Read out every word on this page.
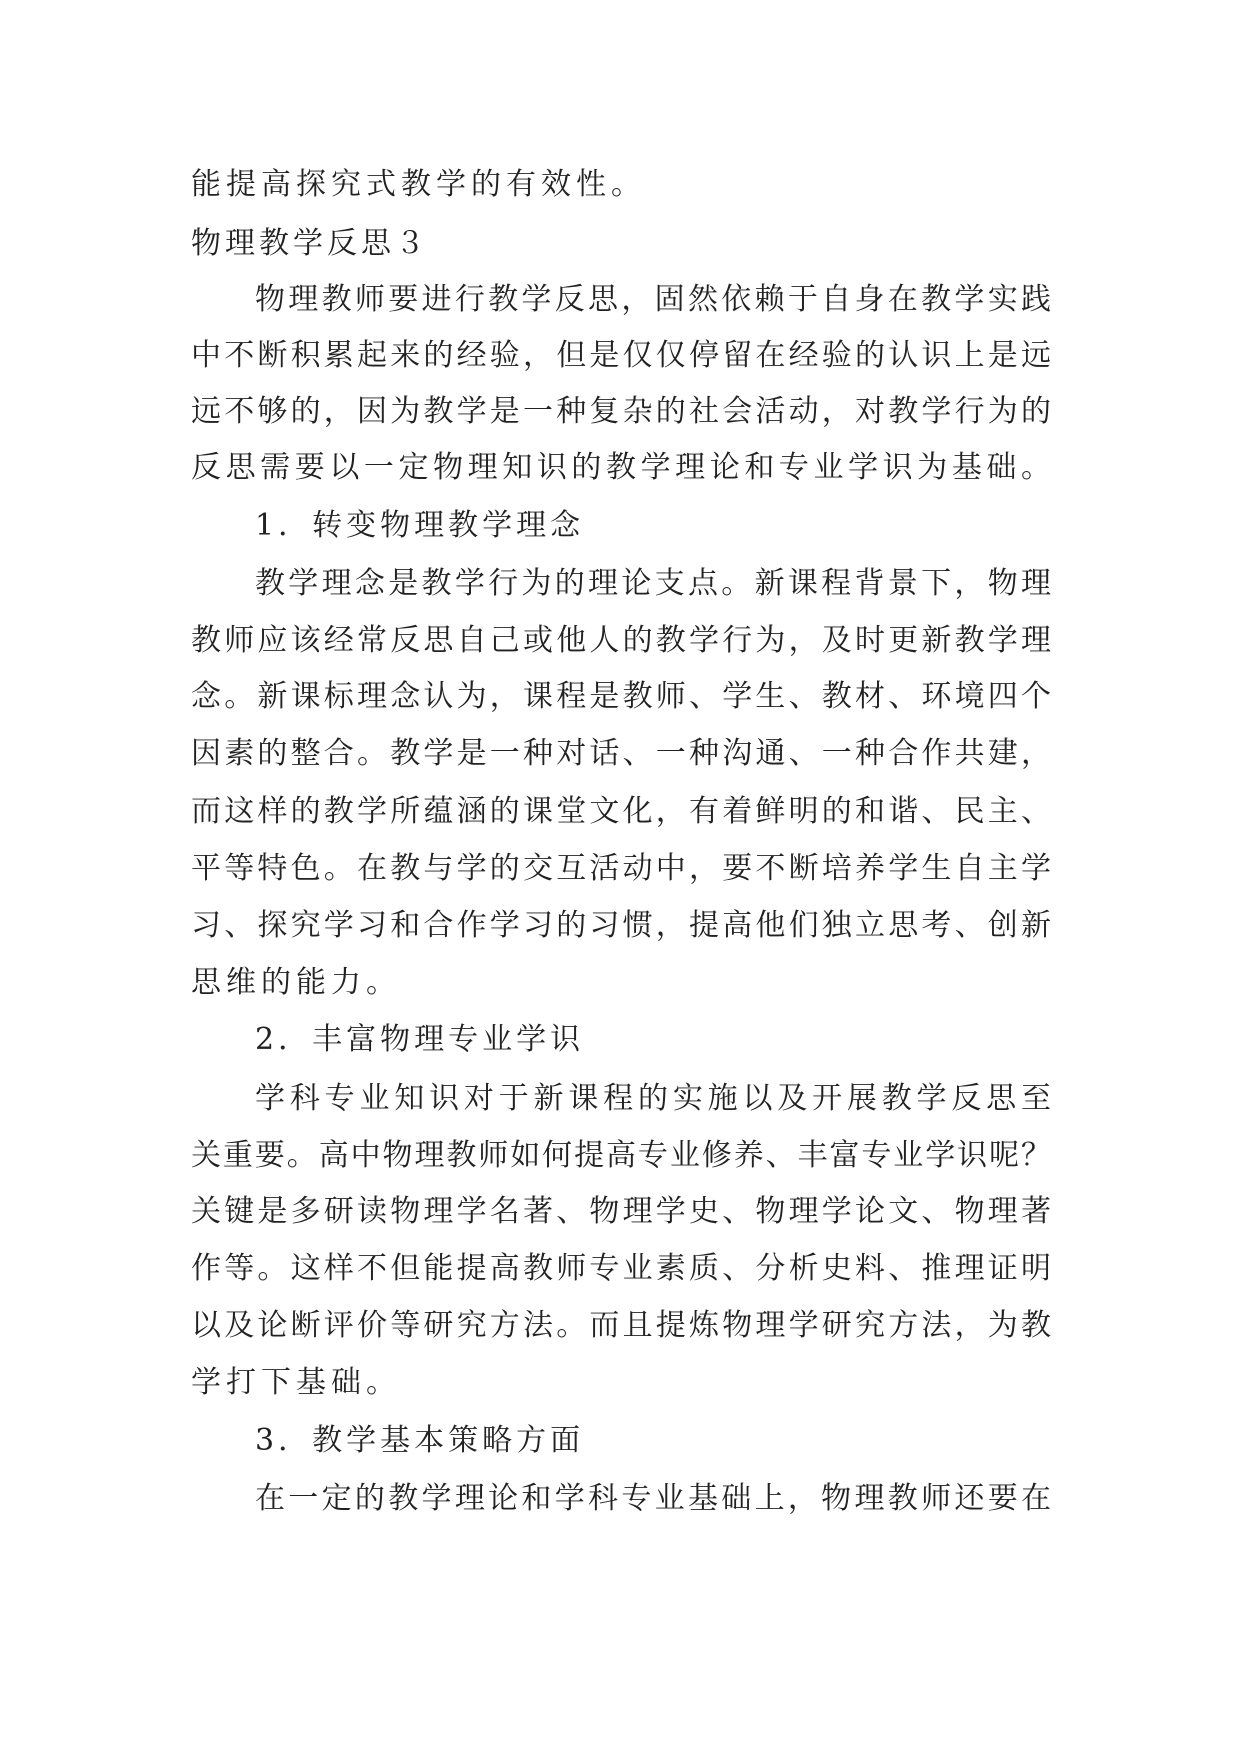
能提高探究式教学的有效性。
物理教学反思３
物理教师要进行教学反思，固然依赖于自身在教学实践
中不断积累起来的经验，但是仅仅停留在经验的认识上是远
远不够的，因为教学是一种复杂的社会活动，对教学行为的
反思需要以一定物理知识的教学理论和专业学识为基础。
1．转变物理教学理念
教学理念是教学行为的理论支点。新课程背景下，物理
教师应该经常反思自己或他人的教学行为，及时更新教学理
念。新课标理念认为，课程是教师、学生、教材、环境四个
因素的整合。教学是一种对话、一种沟通、一种合作共建，
而这样的教学所蕴涵的课堂文化，有着鲜明的和谐、民主、
平等特色。在教与学的交互活动中，要不断培养学生自主学
习、探究学习和合作学习的习惯，提高他们独立思考、创新
思维的能力。
2．丰富物理专业学识
学科专业知识对于新课程的实施以及开展教学反思至
关重要。高中物理教师如何提高专业修养、丰富专业学识呢？
关键是多研读物理学名著、物理学史、物理学论文、物理著
作等。这样不但能提高教师专业素质、分析史料、推理证明
以及论断评价等研究方法。而且提炼物理学研究方法，为教
学打下基础。
3．教学基本策略方面
在一定的教学理论和学科专业基础上，物理教师还要在
